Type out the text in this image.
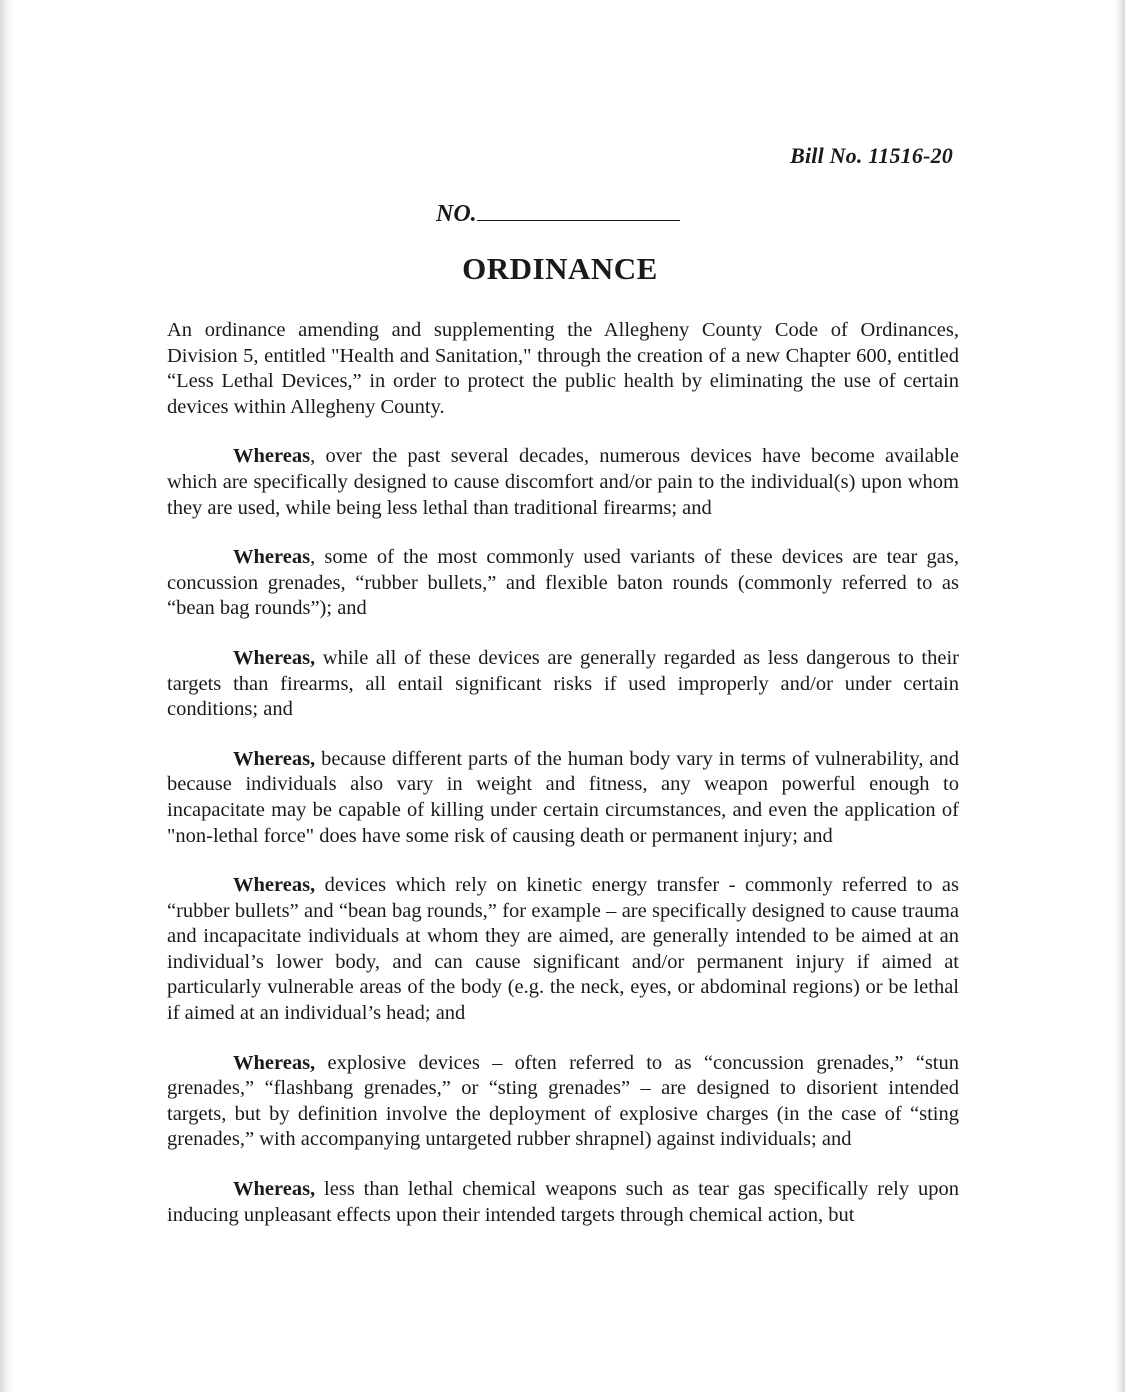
Bill No. 11516-20
NO.
ORDINANCE

An ordinance amending and supplementing the Allegheny County Code of Ordinances, Division 5, entitled "Health and Sanitation," through the creation of a new Chapter 600, entitled “Less Lethal Devices,” in order to protect the public health by eliminating the use of certain devices within Allegheny County.

Whereas, over the past several decades, numerous devices have become available which are specifically designed to cause discomfort and/or pain to the individual(s) upon whom they are used, while being less lethal than traditional firearms; and

Whereas, some of the most commonly used variants of these devices are tear gas, concussion grenades, “rubber bullets,” and flexible baton rounds (commonly referred to as “bean bag rounds”); and

Whereas, while all of these devices are generally regarded as less dangerous to their targets than firearms, all entail significant risks if used improperly and/or under certain conditions; and

Whereas, because different parts of the human body vary in terms of vulnerability, and because individuals also vary in weight and fitness, any weapon powerful enough to incapacitate may be capable of killing under certain circumstances, and even the application of "non-lethal force" does have some risk of causing death or permanent injury; and

Whereas, devices which rely on kinetic energy transfer - commonly referred to as “rubber bullets” and “bean bag rounds,” for example – are specifically designed to cause trauma and incapacitate individuals at whom they are aimed, are generally intended to be aimed at an individual’s lower body, and can cause significant and/or permanent injury if aimed at particularly vulnerable areas of the body (e.g. the neck, eyes, or abdominal regions) or be lethal if aimed at an individual’s head; and

Whereas, explosive devices – often referred to as “concussion grenades,” “stun grenades,” “flashbang grenades,” or “sting grenades” – are designed to disorient intended targets, but by definition involve the deployment of explosive charges (in the case of “sting grenades,” with accompanying untargeted rubber shrapnel) against individuals; and

Whereas, less than lethal chemical weapons such as tear gas specifically rely upon inducing unpleasant effects upon their intended targets through chemical action, but
